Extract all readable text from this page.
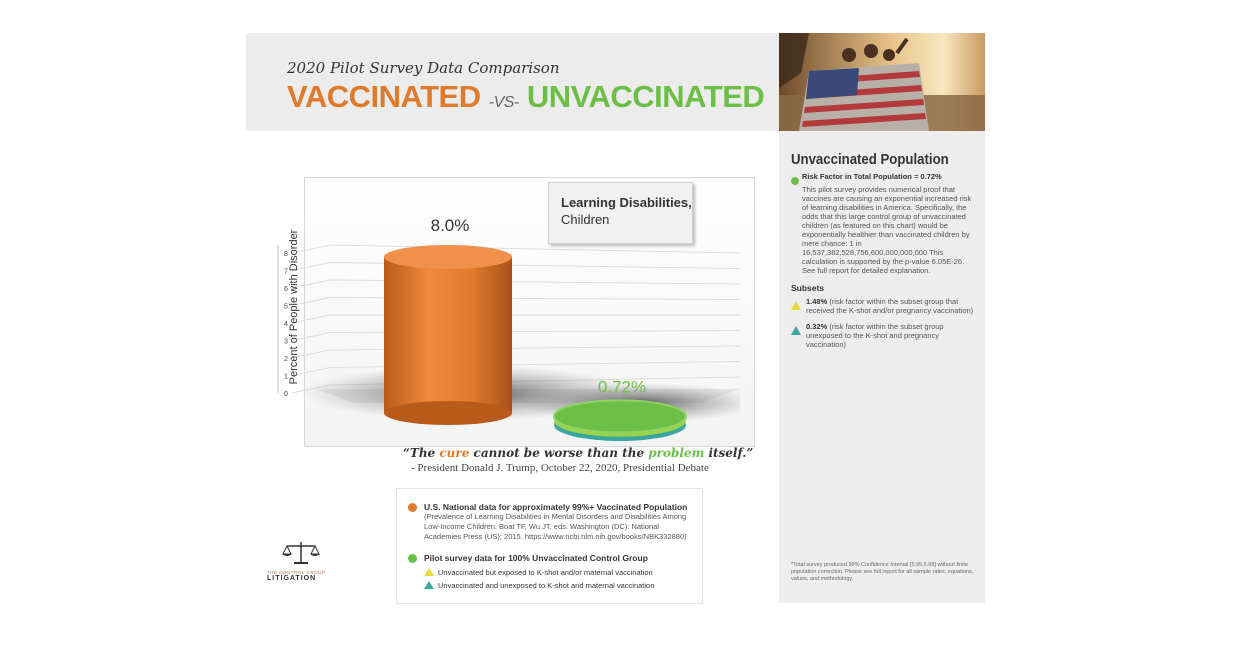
2020 Pilot Survey Data Comparison
VACCINATED -VS- UNVACCINATED
0
1
2
3
4
5
6
7
8 Percent of People with Disorder
8.0%
0.72%
Learning Disabilities, Children
“The cure cannot be worse than the problem itself.”
- President Donald J. Trump, October 22, 2020, Presidential Debate
U.S. National data for approximately 99%+ Vaccinated Population
(Prevalence of Learning Disabilities in Mental Disorders and Disabilities Among Low-Income Children. Boat TF, Wu JT, eds. Washington (DC): National Academies Press (US); 2015. https://www.ncbi.nlm.nih.gov/books/NBK332880)
Pilot survey data for 100% Unvaccinated Control Group
Unvaccinated but exposed to K-shot and/or maternal vaccination
Unvaccinated and unexposed to K-shot and maternal vaccination
THE CONTROL GROUP
LITIGATION
Unvaccinated Population
Risk Factor in Total Population = 0.72%
This pilot survey provides numerical proof that vaccines are causing an exponential increased risk of learning disabilities in America. Specifically, the odds that this large control group of unvaccinated children (as featured on this chart) would be exponentially healthier than vaccinated children by mere chance: 1 in 16,537,382,528,756,600,000,000,000 This calculation is supported by the p-value 6.05E-26. See full report for detailed explanation.
Subsets
1.48% (risk factor within the subset group that received the K-shot and/or pregnancy vaccination)
0.32% (risk factor within the subset group unexposed to the K-shot and pregnancy vaccination)
*Total survey produced 99% Confidence Interval [5.95,5.99] without finite population correction. Please see full report for all sample rates, equations, values, and methodology.
